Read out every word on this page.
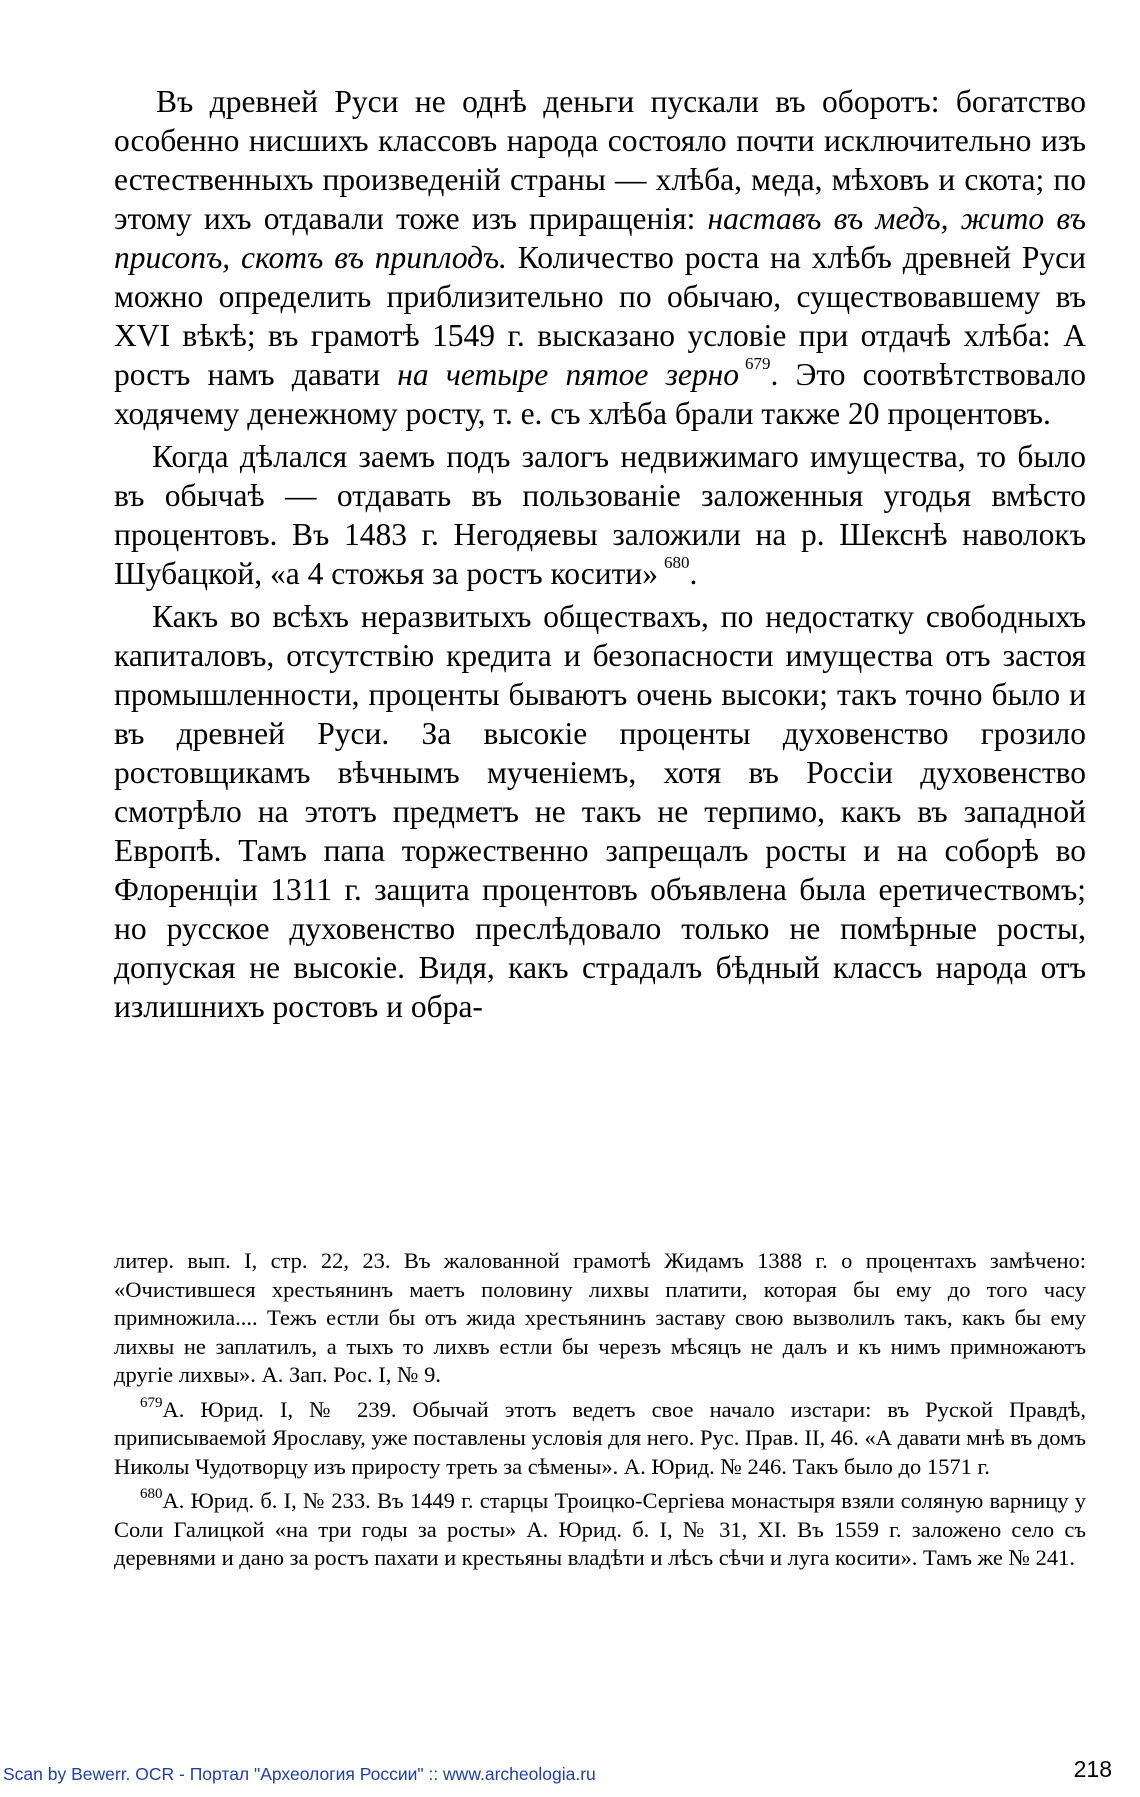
Въ древней Руси не однѣ деньги пускали въ оборотъ: богатство особенно нисшихъ классовъ народа состояло почти исключительно изъ естественныхъ произведенiй страны — хлѣба, меда, мѣховъ и скота; по этому ихъ отдавали тоже изъ приращенiя: наставъ въ медъ, жито въ присопъ, скотъ въ приплодъ. Количество роста на хлѣбъ древней Руси можно определить приблизительно по обычаю, существовавшему въ XVI вѣкѣ; въ грамотѣ 1549 г. высказано условiе при отдачѣ хлѣба: А ростъ намъ давати на четыре пятое зерно $^{679}$. Это соотвѣтствовало ходячему денежному росту, т. е. съ хлѣба брали также 20 процентовъ.

Когда дѣлался заемъ подъ залогъ недвижимаго имущества, то было въ обычаѣ — отдавать въ пользованiе заложенныя угодья вмѣсто процентовъ. Въ 1483 г. Негодяевы заложили на р. Шекснѣ наволокъ Шубацкой, «а 4 стожья за ростъ косити» $^{680}$.

Какъ во всѣхъ неразвитыхъ обществахъ, по недостатку свободныхъ капиталовъ, отсутствiю кредита и безопасности имущества отъ застоя промышленности, проценты бываютъ очень высоки; такъ точно было и въ древней Руси. За высокiе проценты духовенство грозило ростовщикамъ вѣчнымъ мученiемъ, хотя въ Россiи духовенство смотрѣло на этотъ предметъ не такъ не терпимо, какъ въ западной Европѣ. Тамъ папа торжественно запрещалъ росты и на соборѣ во Флоренцiи 1311 г. защита процентовъ объявлена была еретичествомъ; но русское духовенство преслѣдовало только не помѣрные росты, допуская не высокiе. Видя, какъ страдалъ бѣдный классъ народа отъ излишнихъ ростовъ и обра-

литер. вып. I, стр. 22, 23. Въ жалованной грамотѣ Жидамъ 1388 г. о процентахъ замѣчено: «Очистившеся хрестьянинъ маетъ половину лихвы платити, которая бы ему до того часу примножила.... Тежъ естли бы отъ жида хрестьянинъ заставу свою вызволилъ такъ, какъ бы ему лихвы не заплатилъ, а тыхъ то лихвъ естли бы черезъ мѣсяцъ не далъ и къ нимъ примножаютъ другiе лихвы». А. Зап. Рос. I, № 9.

$^{679}$А. Юрид. I, № 239. Обычай этотъ ведетъ свое начало изстари: въ Рускoй Правдѣ, приписываемой Ярославу, уже поставлены условiя для него. Рус. Прав. II, 46. «А давати мнѣ въ домъ Николы Чудотворцу изъ приросту треть за сѣмены». А. Юрид. № 246. Такъ было до 1571 г.

$^{680}$А. Юрид. б. I, № 233. Въ 1449 г. старцы Троицко-Сергiева монастыря взяли соляную варницу у Соли Галицкой «на три годы за росты» А. Юрид. б. I, № 31, XI. Въ 1559 г. заложено село съ деревнями и дано за ростъ пахати и крестьяны владѣти и лѣсъ сѣчи и луга косити». Тамъ же № 241.

Scan by Bewerr. OCR - Портал "Археология России" :: www.archeologia.ru	218
